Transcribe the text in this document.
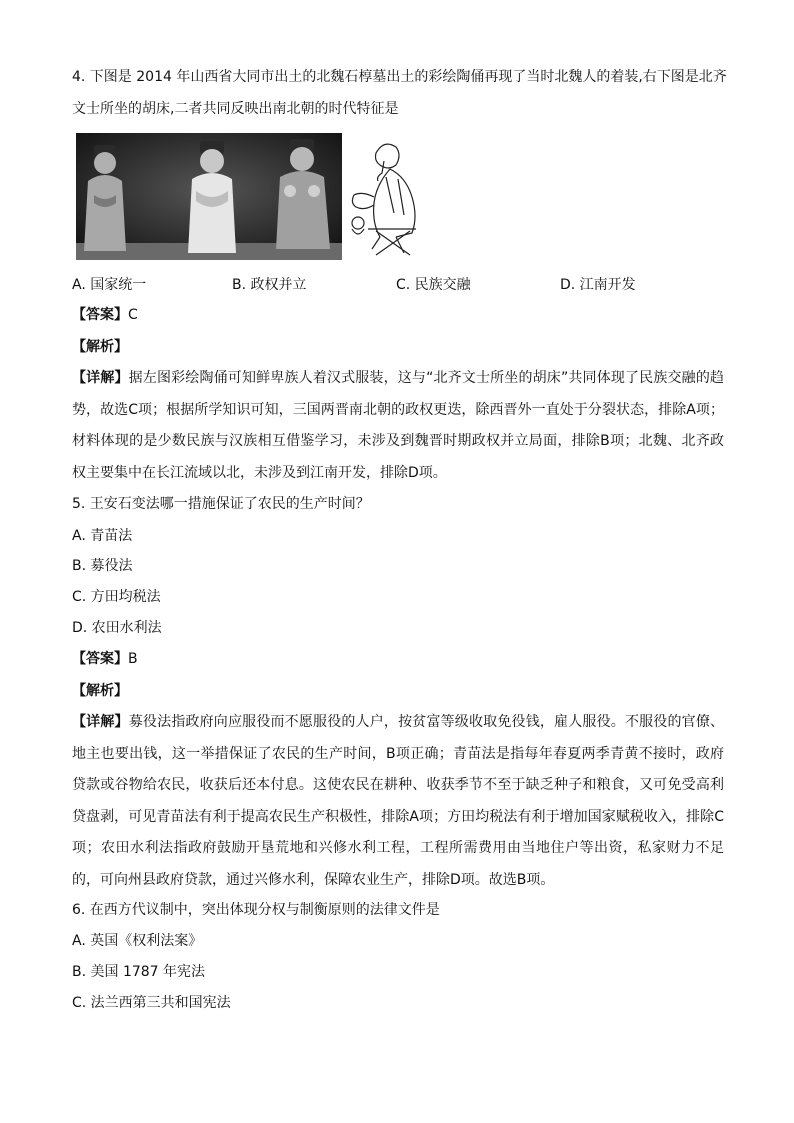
4. 下图是 2014 年山西省大同市出土的北魏石椁墓出土的彩绘陶俑再现了当时北魏人的着装,右下图是北齐
文士所坐的胡床,二者共同反映出南北朝的时代特征是
A. 国家统一	B. 政权并立	C. 民族交融	D. 江南开发
【答案】C
【解析】
【详解】据左图彩绘陶俑可知鲜卑族人着汉式服装，这与“北齐文士所坐的胡床”共同体现了民族交融的趋势，故选C项；根据所学知识可知，三国两晋南北朝的政权更迭，除西晋外一直处于分裂状态，排除A项；材料体现的是少数民族与汉族相互借鉴学习，未涉及到魏晋时期政权并立局面，排除B项；北魏、北齐政权主要集中在长江流域以北，未涉及到江南开发，排除D项。
5. 王安石变法哪一措施保证了农民的生产时间？
A. 青苗法
B. 募役法
C. 方田均税法
D. 农田水利法
【答案】B
【解析】
【详解】募役法指政府向应服役而不愿服役的人户，按贫富等级收取免役钱，雇人服役。不服役的官僚、地主也要出钱，这一举措保证了农民的生产时间，B项正确；青苗法是指每年春夏两季青黄不接时，政府贷款或谷物给农民，收获后还本付息。这使农民在耕种、收获季节不至于缺乏种子和粮食，又可免受高利贷盘剥，可见青苗法有利于提高农民生产积极性，排除A项；方田均税法有利于增加国家赋税收入，排除C项；农田水利法指政府鼓励开垦荒地和兴修水利工程，工程所需费用由当地住户等出资，私家财力不足的，可向州县政府贷款，通过兴修水利，保障农业生产，排除D项。故选B项。
6. 在西方代议制中，突出体现分权与制衡原则的法律文件是
A. 英国《权利法案》
B. 美国 1787 年宪法
C. 法兰西第三共和国宪法
